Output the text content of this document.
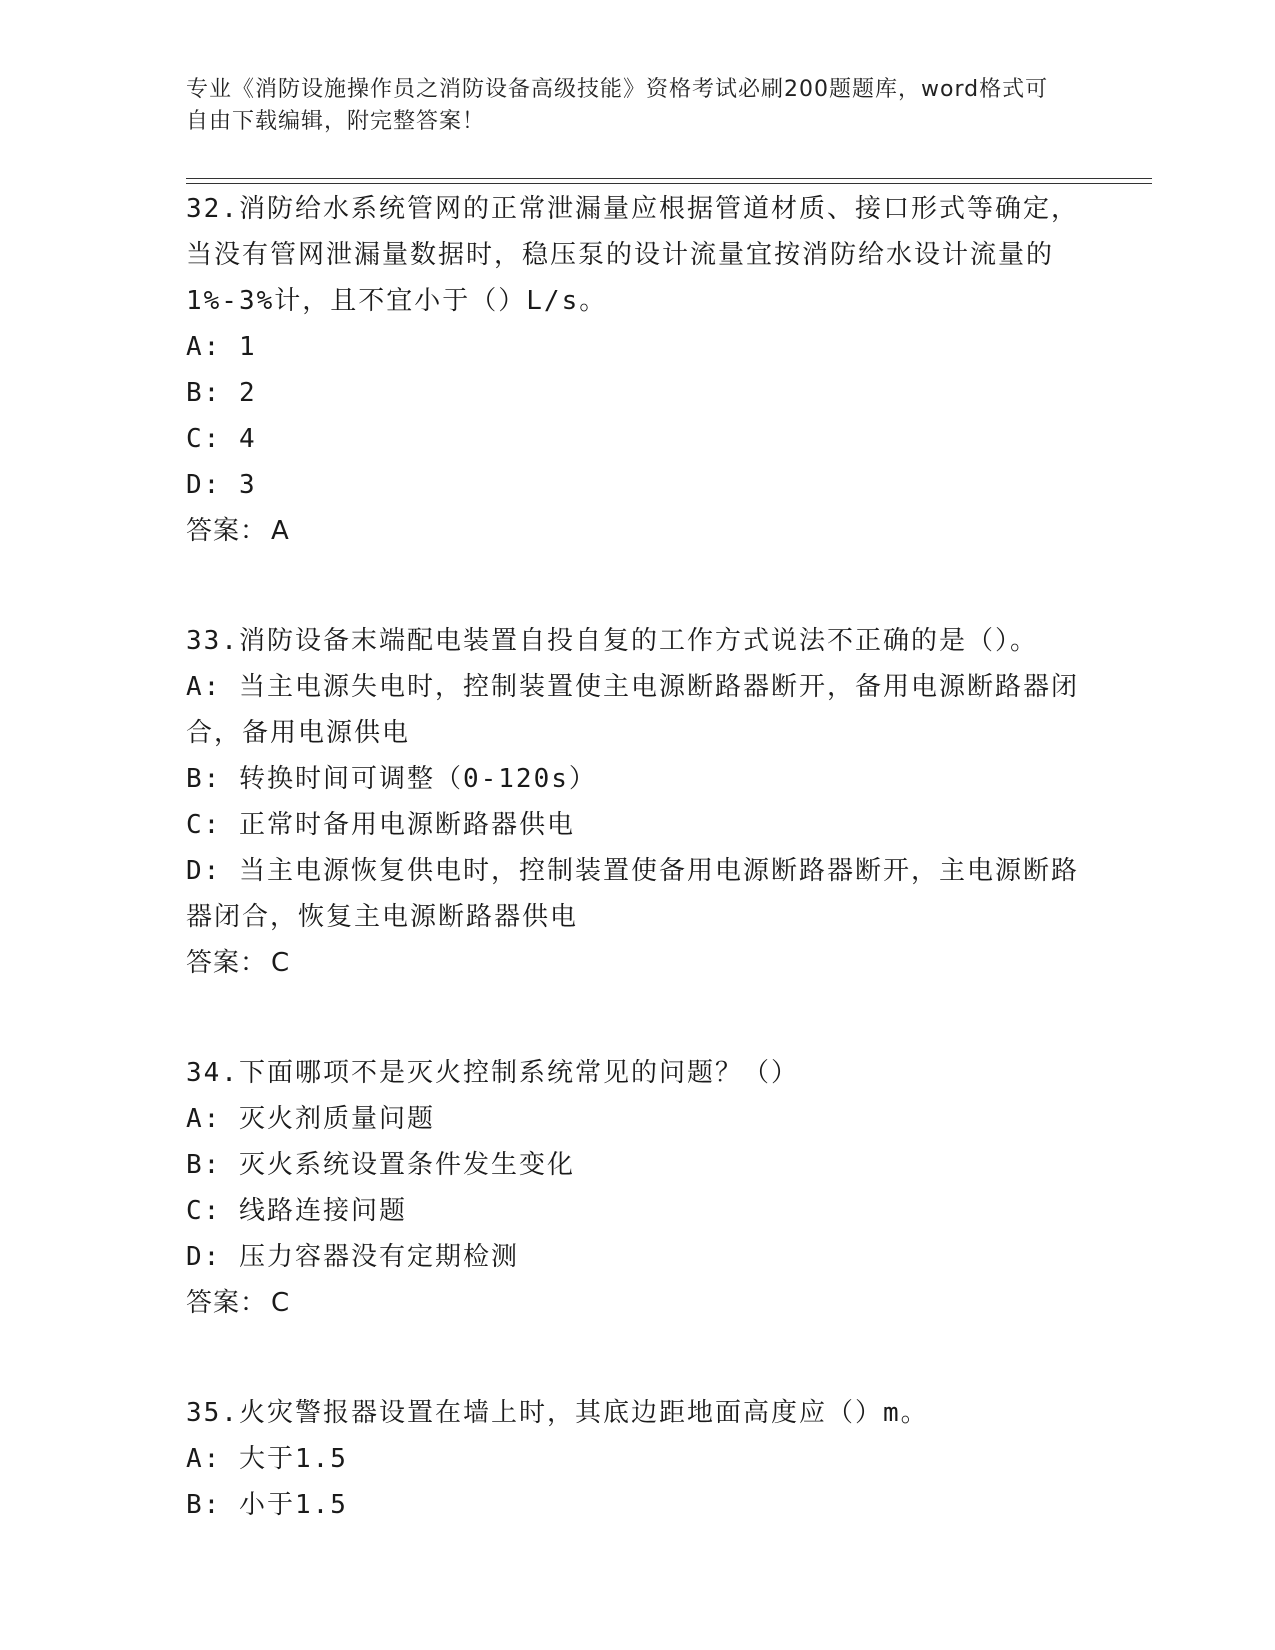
专业《消防设施操作员之消防设备高级技能》资格考试必刷200题题库，word格式可自由下载编辑，附完整答案！

32.消防给水系统管网的正常泄漏量应根据管道材质、接口形式等确定，当没有管网泄漏量数据时，稳压泵的设计流量宜按消防给水设计流量的1%-3%计，且不宜小于（）L/s。

A: 1

B: 2

C: 4

D: 3

答案： A

33.消防设备末端配电装置自投自复的工作方式说法不正确的是（）。

A: 当主电源失电时，控制装置使主电源断路器断开，备用电源断路器闭合，备用电源供电

B: 转换时间可调整（0-120s）

C: 正常时备用电源断路器供电

D: 当主电源恢复供电时，控制装置使备用电源断路器断开，主电源断路器闭合，恢复主电源断路器供电

答案： C

34.下面哪项不是灭火控制系统常见的问题？（）

A: 灭火剂质量问题

B: 灭火系统设置条件发生变化

C: 线路连接问题

D: 压力容器没有定期检测

答案： C

35.火灾警报器设置在墙上时，其底边距地面高度应（）m。

A: 大于1.5

B: 小于1.5
